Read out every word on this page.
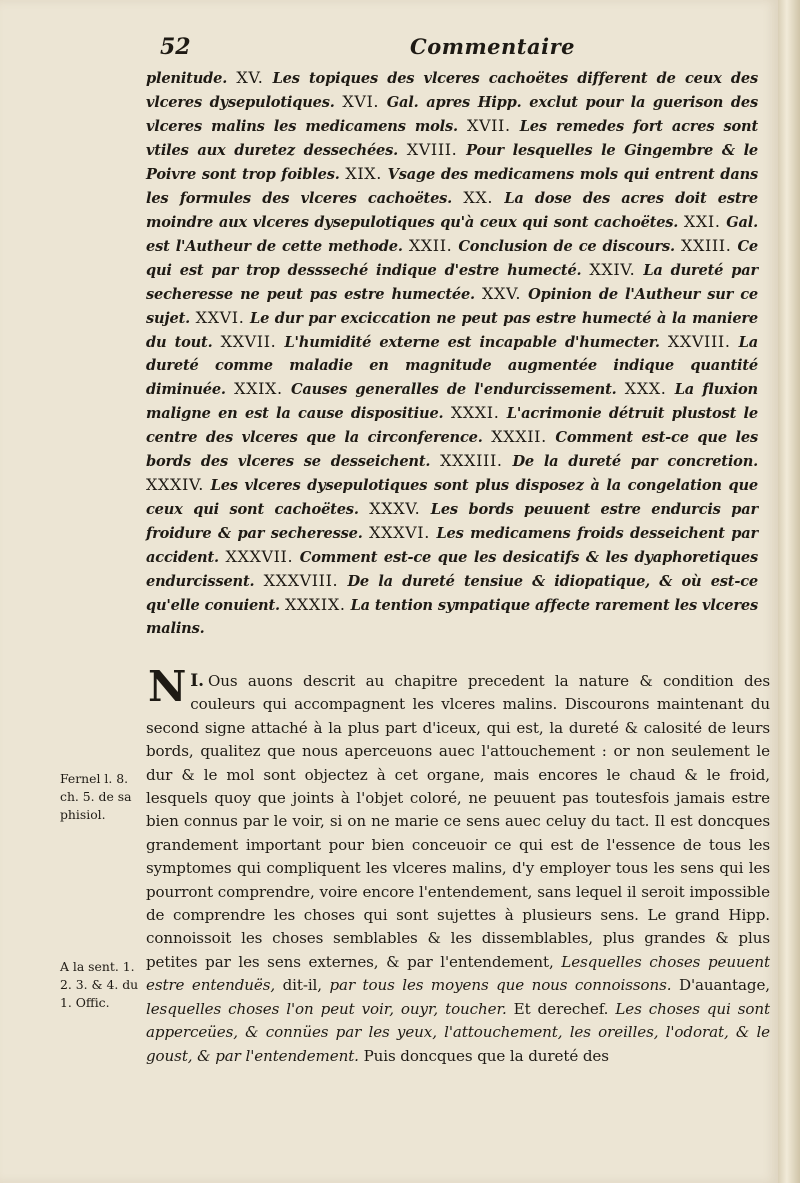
52	Commentaire
plenitude. XV. Les topiques des vlceres cachoëtes different de ceux des vlceres dysepulotiques. XVI. Gal. apres Hipp. exclut pour la guerison des vlceres malins les medicamens mols. XVII. Les remedes fort acres sont vtiles aux duretez dessechées. XVIII. Pour lesquelles le Gingembre & le Poivre sont trop foibles. XIX. Vsage des medicamens mols qui entrent dans les formules des vlceres cachoëtes. XX. La dose des acres doit estre moindre aux vlceres dysepulotiques qu'à ceux qui sont cachoëtes. XXI. Gal. est l'Autheur de cette methode. XXII. Conclusion de ce discours. XXIII. Ce qui est par trop dessseché indique d'estre humecté. XXIV. La dureté par secheresse ne peut pas estre humectée. XXV. Opinion de l'Autheur sur ce sujet. XXVI. Le dur par exciccation ne peut pas estre humecté à la maniere du tout. XXVII. L'humidité externe est incapable d'humecter. XXVIII. La dureté comme maladie en magnitude augmentée indique quantité diminuée. XXIX. Causes generalles de l'endurcissement. XXX. La fluxion maligne en est la cause dispositiue. XXXI. L'acrimonie détruit plustost le centre des vlceres que la circonference. XXXII. Comment est-ce que les bords des vlceres se desseichent. XXXIII. De la dureté par concretion. XXXIV. Les vlceres dysepulotiques sont plus disposez à la congelation que ceux qui sont cachoëtes. XXXV. Les bords peuuent estre endurcis par froidure & par secheresse. XXXVI. Les medicamens froids desseichent par accident. XXXVII. Comment est-ce que les desicatifs & les dyaphoretiques endurcissent. XXXVIII. De la dureté tensiue & idiopatique, & où est-ce qu'elle conuient. XXXIX. La tention sympatique affecte rarement les vlceres malins.
I.
N Ous auons descrit au chapitre precedent la nature & condition des couleurs qui accompagnent les vlceres malins. Discourons maintenant du second signe attaché à la plus part d'iceux, qui est, la dureté & calosité de leurs bords, qualitez que nous aperceuons auec l'attouchement : or non seulement le dur & le mol sont objectez à cet organe, mais encores le chaud & le froid, lesquels quoy que joints à l'objet coloré, ne peuuent pas toutesfois jamais estre bien connus par le voir, si on ne marie ce sens auec celuy du tact. Il est doncques grandement important pour bien conceuoir ce qui est de l'essence de tous les symptomes qui compliquent les vlceres malins, d'y employer tous les sens qui les pourront comprendre, voire encore l'entendement, sans lequel il seroit impossible de comprendre les choses qui sont sujettes à plusieurs sens. Le grand Hipp. connoissoit les choses semblables & les dissemblables, plus grandes & plus petites par les sens externes, & par l'entendement, Lesquelles choses peuuent estre entenduës, dit-il, par tous les moyens que nous connoissons. D'auantage, lesquelles choses l'on peut voir, ouyr, toucher. Et derechef. Les choses qui sont apperceües, & connües par les yeux, l'attouchement, les oreilles, l'odorat, & le goust, & par l'entendement. Puis doncques que la dureté des
Fernel l. 8. ch. 5. de sa phisiol.
A la sent. 1. 2. 3. & 4. du 1. Offic.
